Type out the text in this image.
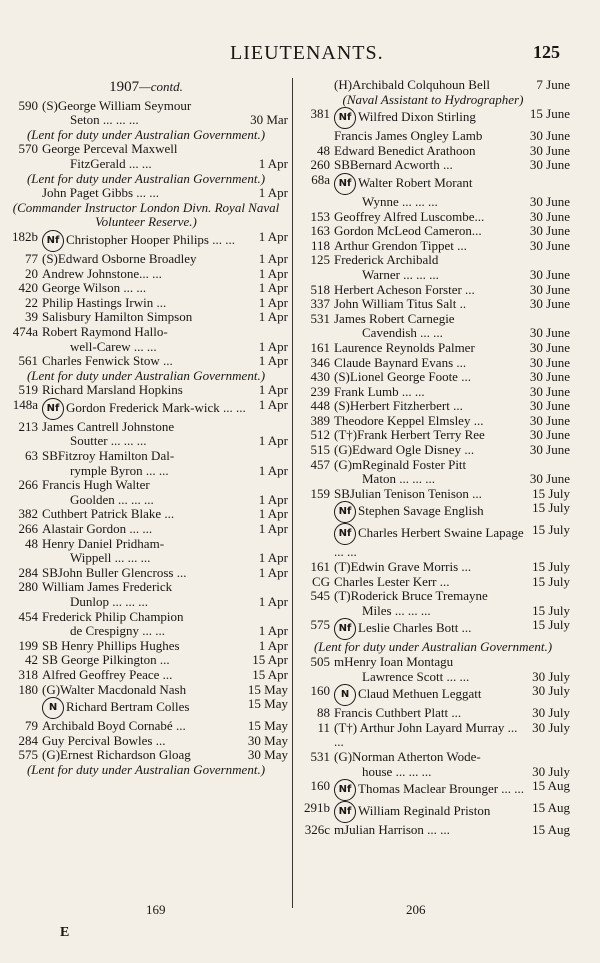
LIEUTENANTS.	125
1907—contd.
590 (S)George William Seymour
Seton ... ... ...	30 Mar
(Lent for duty under Australian Government.)
570 George Perceval Maxwell
FitzGerald ... ...	1 Apr
(Lent for duty under Australian Government.)
John Paget Gibbs ... ...	1 Apr
(Commander Instructor London Divn. Royal Naval Volunteer Reserve.)
182b Nf Christopher Hooper Philips ... ...	1 Apr
77 (S)Edward Osborne Broadley	1 Apr
20 Andrew Johnstone... ...	1 Apr
420 George Wilson ... ...	1 Apr
22 Philip Hastings Irwin ...	1 Apr
39 Salisbury Hamilton Simpson	1 Apr
474a Robert Raymond Hallo-
well-Carew ... ...	1 Apr
561 Charles Fenwick Stow ...	1 Apr
(Lent for duty under Australian Government.)
519 Richard Marsland Hopkins	1 Apr
148a Nf Gordon Frederick Mark-wick ... ... 1 Apr
213 James Cantrell Johnstone
Soutter ... ... ...	1 Apr
63 SBFitzroy Hamilton Dal-
rymple Byron ... ...	1 Apr
266 Francis Hugh Walter
Goolden ... ... ...	1 Apr
382 Cuthbert Patrick Blake ...	1 Apr
266 Alastair Gordon ... ...	1 Apr
48 Henry Daniel Pridham-
Wippell ... ... ...	1 Apr
284 SBJohn Buller Glencross ...	1 Apr
280 William James Frederick
Dunlop ... ... ...	1 Apr
454 Frederick Philip Champion
de Crespigny ... ...	1 Apr
199 SB Henry Phillips Hughes	1 Apr
42 SB George Pilkington ...	15 Apr
318 Alfred Geoffrey Peace ...	15 Apr
180 (G)Walter Macdonald Nash	15 May
N Richard Bertram Colles	15 May
79 Archibald Boyd Cornabé ...	15 May
284 Guy Percival Bowles ...	30 May
575 (G)Ernest Richardson Gloag	30 May
(Lent for duty under Australian Government.)
(H)Archibald Colquhoun Bell	7 June
(Naval Assistant to Hydrographer)
381 Nf Wilfred Dixon Stirling	15 June
Francis James Ongley Lamb	30 June
48 Edward Benedict Arathoon	30 June
260 SBBernard Acworth ...	30 June
68a Nf Walter Robert Morant
Wynne ... ... ...	30 June
153 Geoffrey Alfred Luscombe...	30 June
163 Gordon McLeod Cameron...	30 June
118 Arthur Grendon Tippet ...	30 June
125 Frederick Archibald
Warner ... ... ...	30 June
518 Herbert Acheson Forster ...	30 June
337 John William Titus Salt ..	30 June
531 James Robert Carnegie
Cavendish ... ...	30 June
161 Laurence Reynolds Palmer	30 June
346 Claude Baynard Evans ...	30 June
430 (S)Lionel George Foote ...	30 June
239 Frank Lumb ... ...	30 June
448 (S)Herbert Fitzherbert ...	30 June
389 Theodore Keppel Elmsley ...	30 June
512 (T†)Frank Herbert Terry Ree	30 June
515 (G)Edward Ogle Disney ...	30 June
457 (G)mReginald Foster Pitt
Maton ... ... ...	30 June
159 SBJulian Tenison Tenison ...	15 July
Nf Stephen Savage English	15 July
Nf Charles Herbert Swaine Lapage ... ...
15 July
161 (T)Edwin Grave Morris ...	15 July
CG Charles Lester Kerr ...	15 July
545 (T)Roderick Bruce Tremayne
Miles ... ... ...	15 July
575 Nf Leslie Charles Bott ...	15 July
(Lent for duty under Australian Government.)
505 mHenry Ioan Montagu
Lawrence Scott ... ...	30 July
160	N Claud Methuen Leggatt	30 July
88 Francis Cuthbert Platt ...	30 July
11 (T†) Arthur John Layard Murray ... ...
30 July
531 (G)Norman Atherton Wode-
house ... ... ...	30 July
160 Nf Thomas Maclear Brounger ... ... 15 Aug
291b Nf William Reginald Priston	15 Aug
326c mJulian Harrison ... ...	15 Aug
169	206
E
